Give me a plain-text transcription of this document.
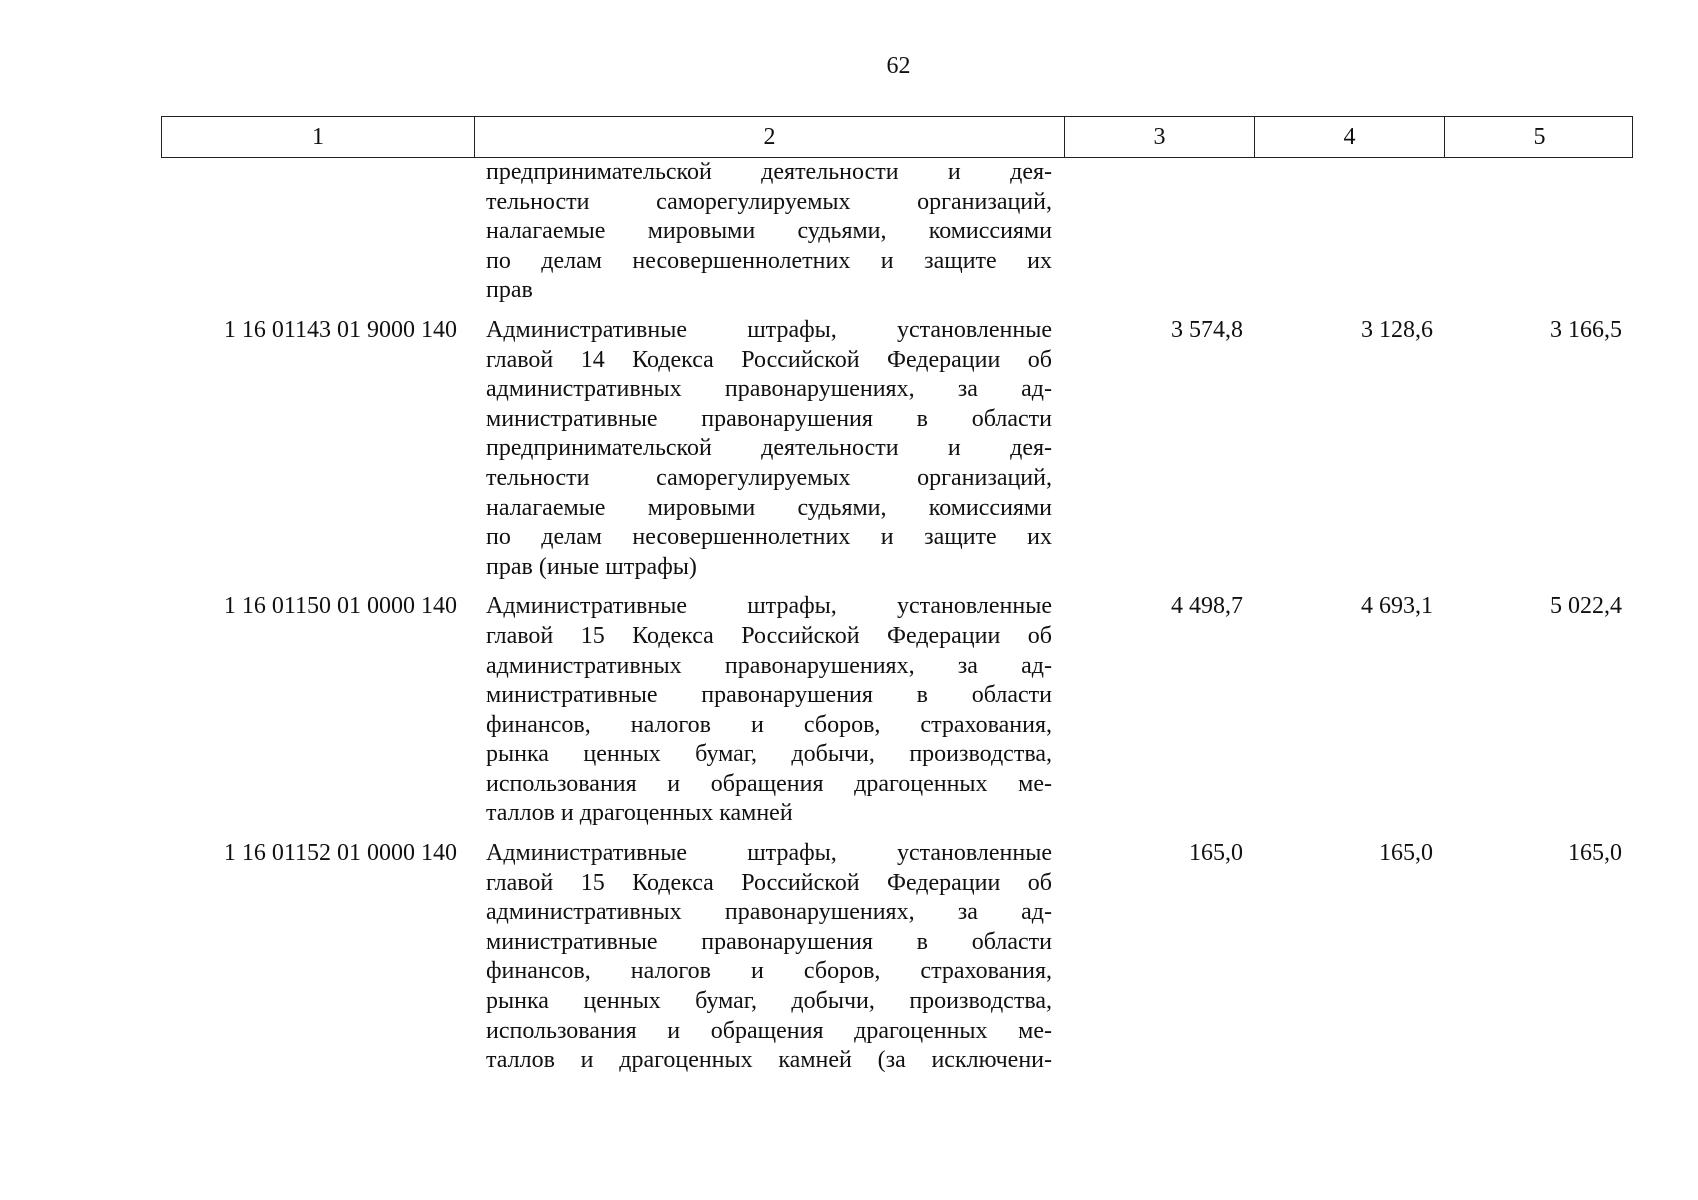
62
1	2	3	4	5
предпринимательской деятельности и дея-
тельности саморегулируемых организаций,
налагаемые мировыми судьями, комиссиями
по делам несовершеннолетних и защите их
прав
1 16 01143 01 9000 140	Административные штрафы, установленные
главой 14 Кодекса Российской Федерации об
административных правонарушениях, за ад-
министративные правонарушения в области
предпринимательской деятельности и дея-
тельности саморегулируемых организаций,
налагаемые мировыми судьями, комиссиями
по делам несовершеннолетних и защите их
прав (иные штрафы)
3 574,8	3 128,6	3 166,5
1 16 01150 01 0000 140	Административные штрафы, установленные
главой 15 Кодекса Российской Федерации об
административных правонарушениях, за ад-
министративные правонарушения в области
финансов, налогов и сборов, страхования,
рынка ценных бумаг, добычи, производства,
использования и обращения драгоценных ме-
таллов и драгоценных камней
4 498,7	4 693,1	5 022,4
1 16 01152 01 0000 140	Административные штрафы, установленные
главой 15 Кодекса Российской Федерации об
административных правонарушениях, за ад-
министративные правонарушения в области
финансов, налогов и сборов, страхования,
рынка ценных бумаг, добычи, производства,
использования и обращения драгоценных ме-
таллов и драгоценных камней (за исключени-
165,0	165,0	165,0
